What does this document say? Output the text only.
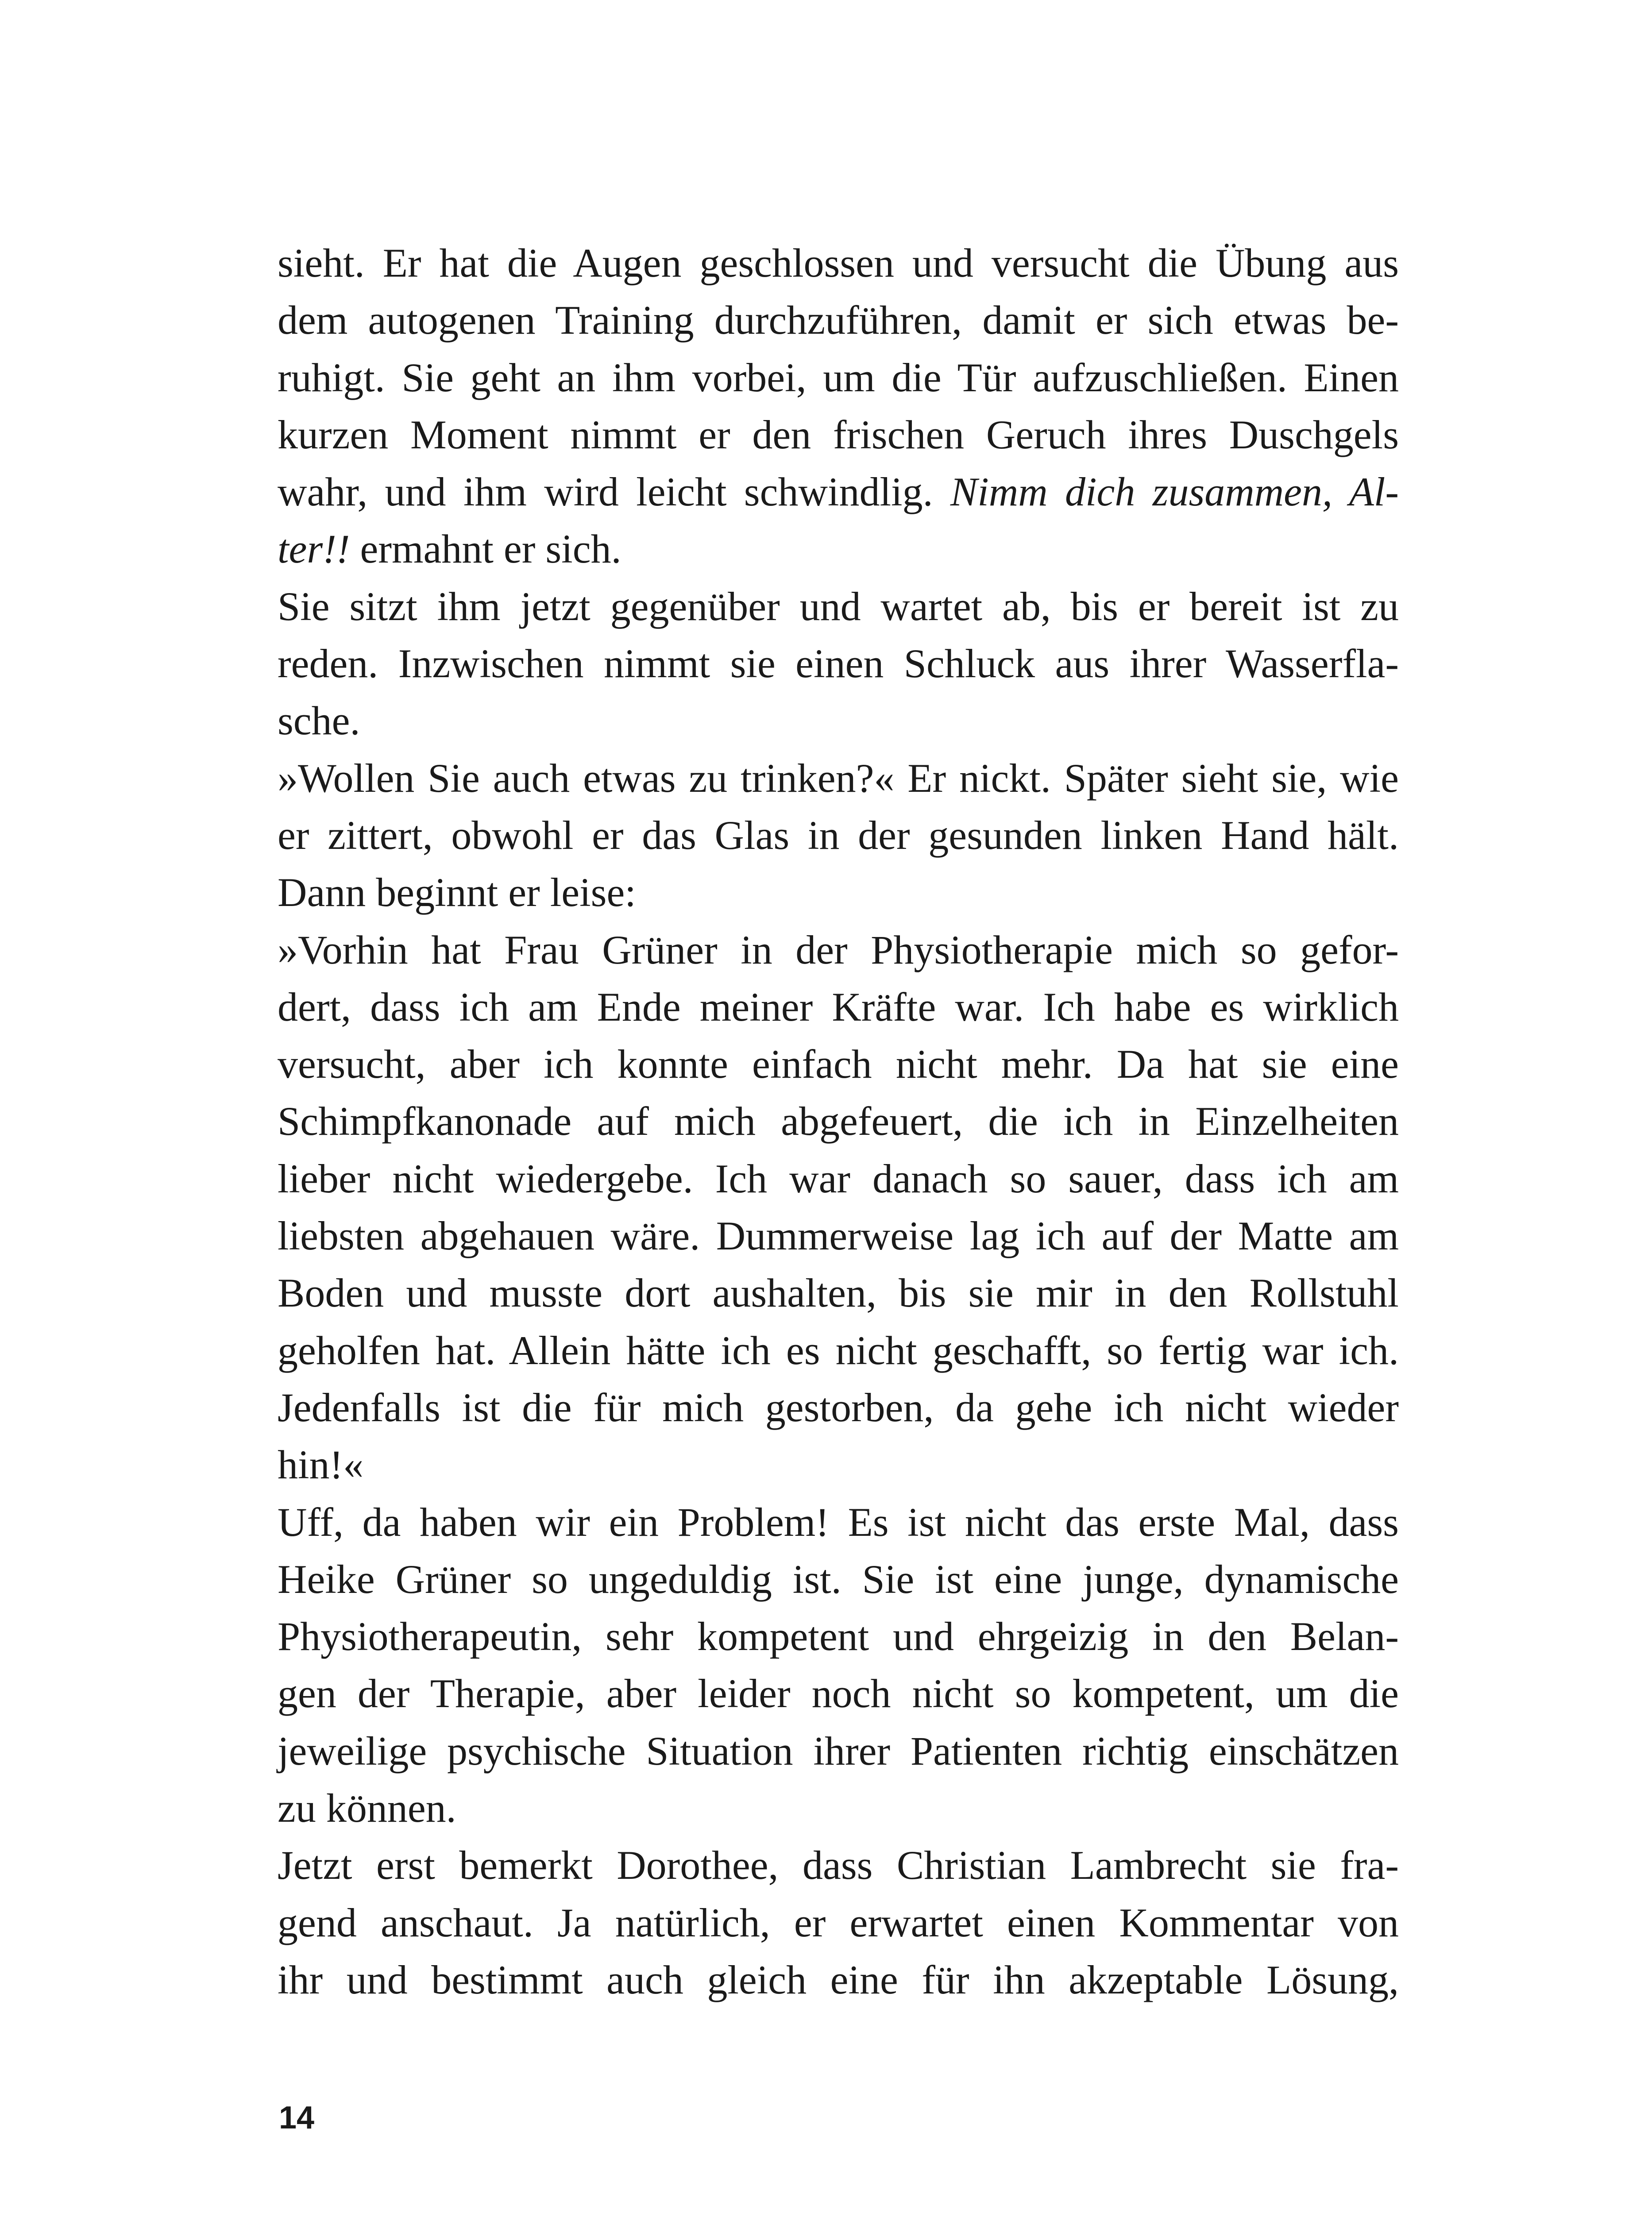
sieht. Er hat die Augen geschlossen und versucht die Übung aus
dem autogenen Training durchzuführen, damit er sich etwas be-
ruhigt. Sie geht an ihm vorbei, um die Tür aufzuschließen. Einen
kurzen Moment nimmt er den frischen Geruch ihres Duschgels
wahr, und ihm wird leicht schwindlig. Nimm dich zusammen, Al-
ter!! ermahnt er sich.
Sie sitzt ihm jetzt gegenüber und wartet ab, bis er bereit ist zu
reden. Inzwischen nimmt sie einen Schluck aus ihrer Wasserfla-
sche.
»Wollen Sie auch etwas zu trinken?« Er nickt. Später sieht sie, wie
er zittert, obwohl er das Glas in der gesunden linken Hand hält.
Dann beginnt er leise:
»Vorhin hat Frau Grüner in der Physiotherapie mich so gefor-
dert, dass ich am Ende meiner Kräfte war. Ich habe es wirklich
versucht, aber ich konnte einfach nicht mehr. Da hat sie eine
Schimpfkanonade auf mich abgefeuert, die ich in Einzelheiten
lieber nicht wiedergebe. Ich war danach so sauer, dass ich am
liebsten abgehauen wäre. Dummerweise lag ich auf der Matte am
Boden und musste dort aushalten, bis sie mir in den Rollstuhl
geholfen hat. Allein hätte ich es nicht geschafft, so fertig war ich.
Jedenfalls ist die für mich gestorben, da gehe ich nicht wieder
hin!«
Uff, da haben wir ein Problem! Es ist nicht das erste Mal, dass
Heike Grüner so ungeduldig ist. Sie ist eine junge, dynamische
Physiotherapeutin, sehr kompetent und ehrgeizig in den Belan-
gen der Therapie, aber leider noch nicht so kompetent, um die
jeweilige psychische Situation ihrer Patienten richtig einschätzen
zu können.
Jetzt erst bemerkt Dorothee, dass Christian Lambrecht sie fra-
gend anschaut. Ja natürlich, er erwartet einen Kommentar von
ihr und bestimmt auch gleich eine für ihn akzeptable Lösung,
14
